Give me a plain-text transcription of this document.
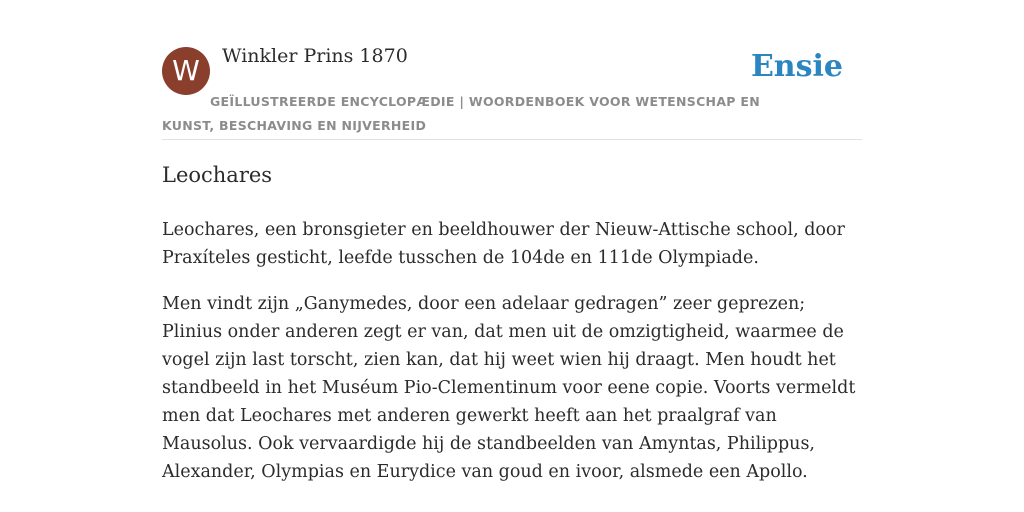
W	Winkler Prins 1870	Ensie
GEÏLLUSTREERDE ENCYCLOPÆDIE | WOORDENBOEK VOOR WETENSCHAP EN KUNST, BESCHAVING EN NIJVERHEID
Leochares

Leochares, een bronsgieter en beeldhouwer der Nieuw-Attische school, door Praxíteles gesticht, leefde tusschen de 104de en 111de Olympiade.

Men vindt zijn „Ganymedes, door een adelaar gedragen” zeer geprezen; Plinius onder anderen zegt er van, dat men uit de omzigtigheid, waarmee de vogel zijn last torscht, zien kan, dat hij weet wien hij draagt. Men houdt het standbeeld in het Muséum Pio-Clementinum voor eene copie. Voorts vermeldt men dat Leochares met anderen gewerkt heeft aan het praalgraf van Mausolus. Ook vervaardigde hij de standbeelden van Amyntas, Philippus, Alexander, Olympias en Eurydice van goud en ivoor, alsmede een Apollo.
